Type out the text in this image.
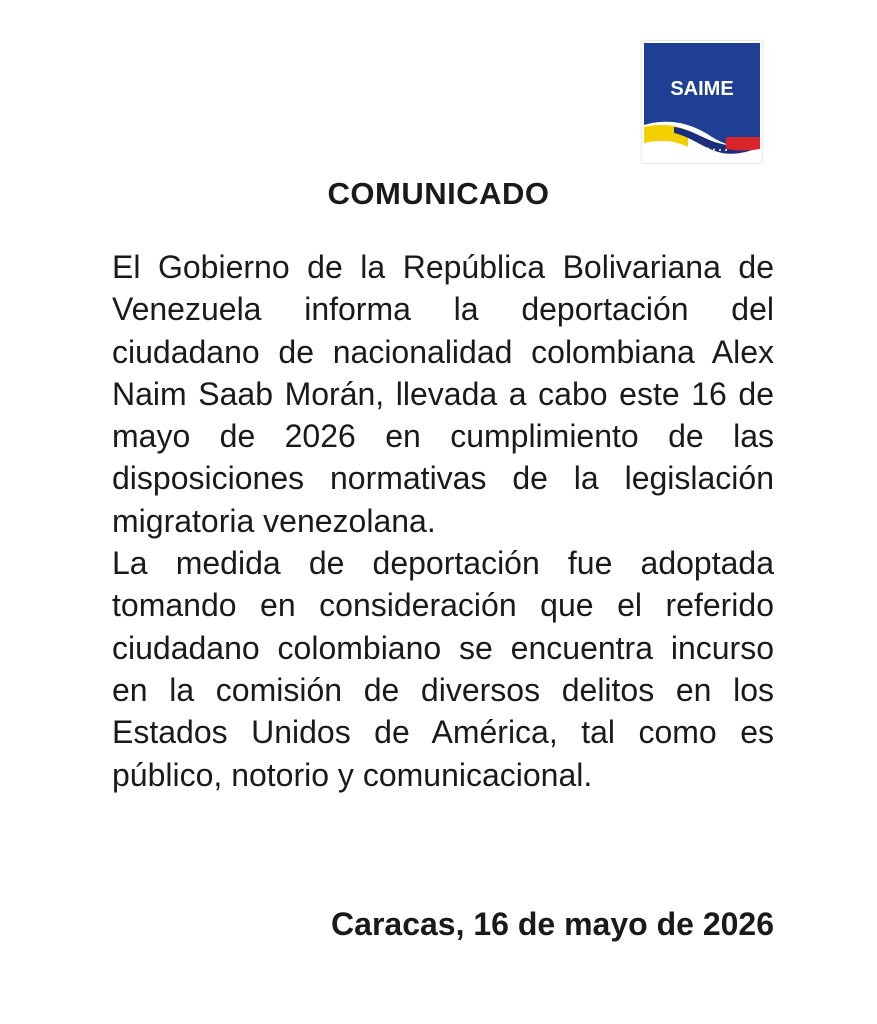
SAIME
COMUNICADO

El Gobierno de la República Bolivariana de Venezuela informa la deportación del ciudadano de nacionalidad colombiana Alex Naim Saab Morán, llevada a cabo este 16 de mayo de 2026 en cumplimiento de las disposiciones normativas de la legislación migratoria venezolana.

La medida de deportación fue adoptada tomando en consideración que el referido ciudadano colombiano se encuentra incurso en la comisión de diversos delitos en los Estados Unidos de América, tal como es público, notorio y comunicacional.

Caracas, 16 de mayo de 2026
